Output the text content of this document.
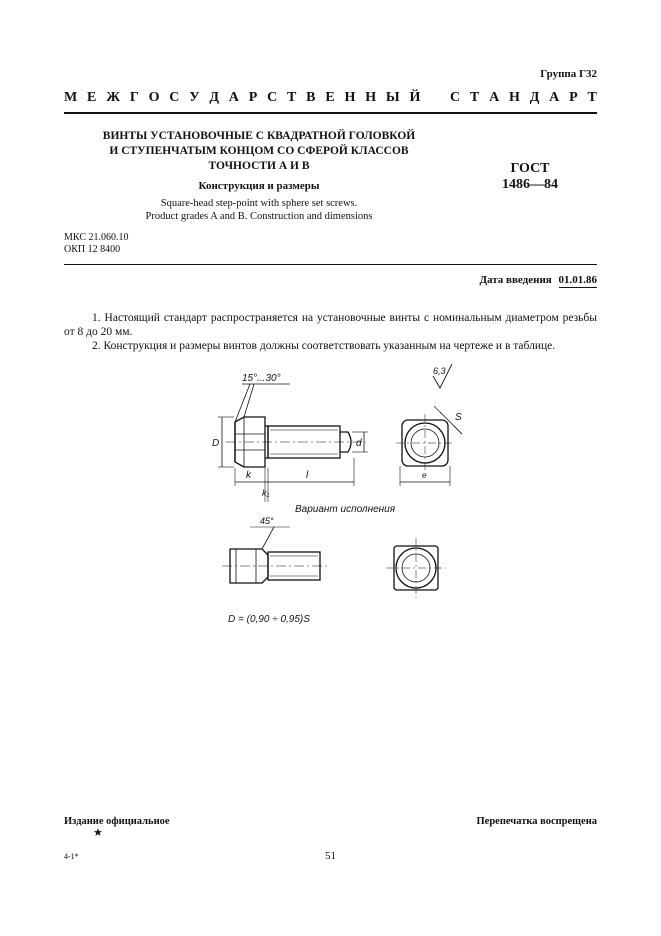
Группа Г32
М Е Ж Г О С У Д А Р С Т В Е Н Н Ы Й С Т А Н Д А Р Т
ВИНТЫ УСТАНОВОЧНЫЕ С КВАДРАТНОЙ ГОЛОВКОЙ
И СТУПЕНЧАТЫМ КОНЦОМ СО СФЕРОЙ КЛАССОВ
ТОЧНОСТИ А И В
Конструкция и размеры
Square-head step-point with sphere set screws.
Product grades A and B. Construction and dimensions
ГОСТ
1486—84
МКС 21.060.10
ОКП 12 8400
Дата введения 01.01.86
1. Настоящий стандарт распространяется на установочные винты с номинальным диаметром резьбы от 8 до 20 мм.
2. Конструкция и размеры винтов должны соответствовать указанным на чертеже и в таблице.
15°...30°
6,3
D	d
k	l
k₁
S
e
Вариант исполнения
45°
D = (0,90 ÷ 0,95)S
Издание официальное
★
Перепечатка воспрещена
4-1*	51
